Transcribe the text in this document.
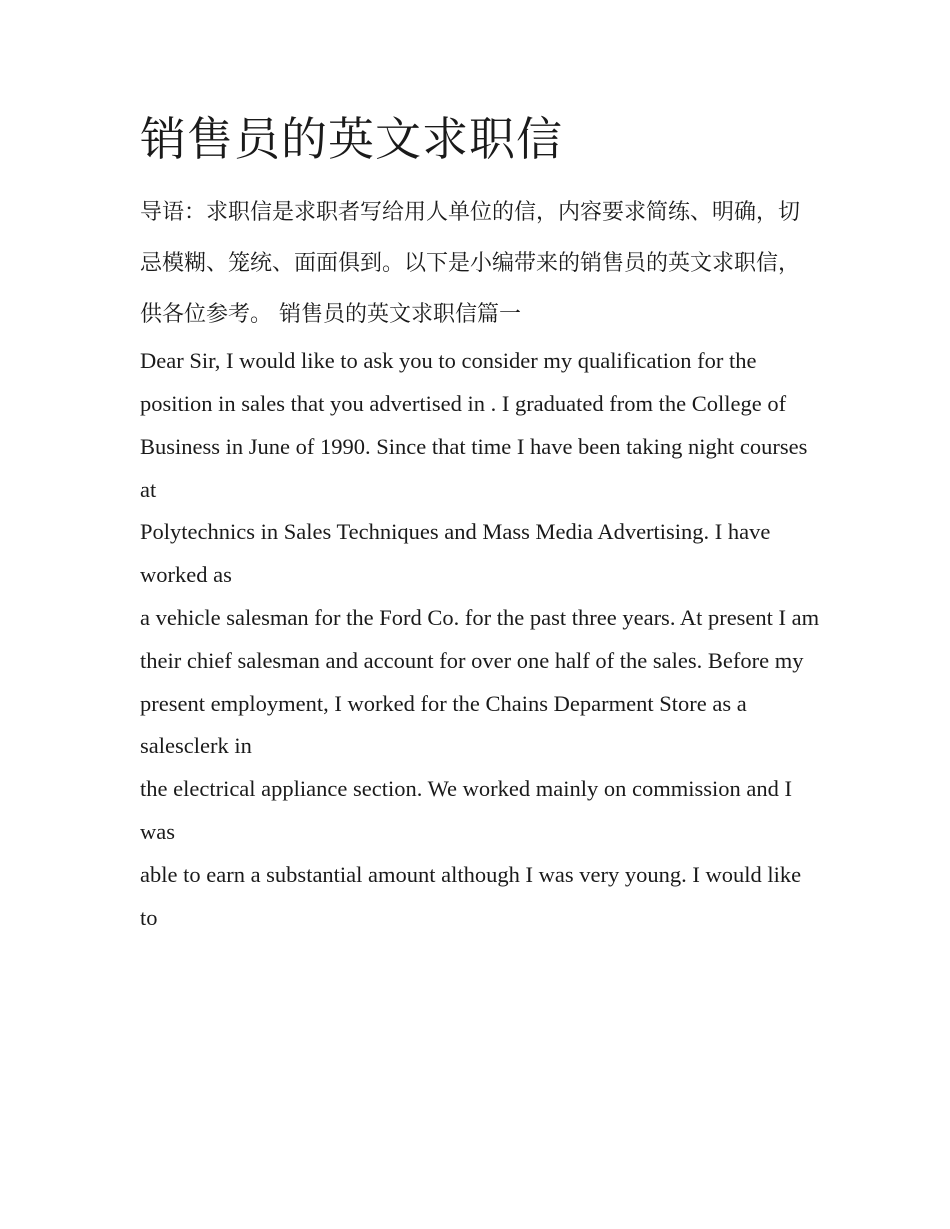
销售员的英文求职信

导语：求职信是求职者写给用人单位的信，内容要求简练、明确，切忌模糊、笼统、面面俱到。以下是小编带来的销售员的英文求职信，供各位参考。 销售员的英文求职信篇一

Dear Sir, I would like to ask you to consider my qualification for the

position in sales that you advertised in . I graduated from the College of

Business in June of 1990. Since that time I have been taking night courses at

Polytechnics in Sales Techniques and Mass Media Advertising. I have worked as

a vehicle salesman for the Ford Co. for the past three years. At present I am

their chief salesman and account for over one half of the sales. Before my

present employment, I worked for the Chains Deparment Store as a salesclerk in

the electrical appliance section. We worked mainly on commission and I was

able to earn a substantial amount although I was very young. I would like to
